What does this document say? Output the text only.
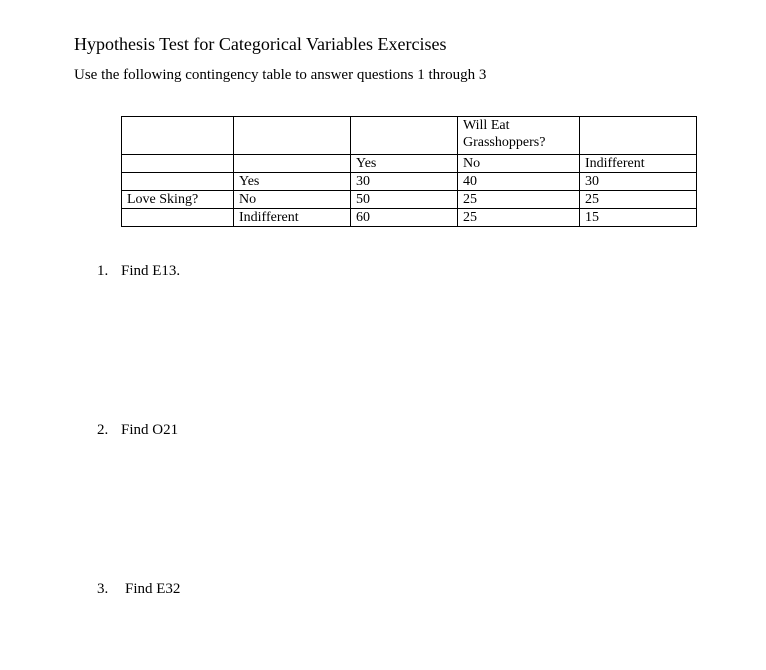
Hypothesis Test for Categorical Variables Exercises
Use the following contingency table to answer questions 1 through 3

			Will Eat
Grasshoppers?	

		Yes	No	Indifferent
	Yes	30	40	30
Love Sking?	No	50	25	25
	Indifferent	60	25	15
1. Find E13.
2. Find O21
3. Find E32
